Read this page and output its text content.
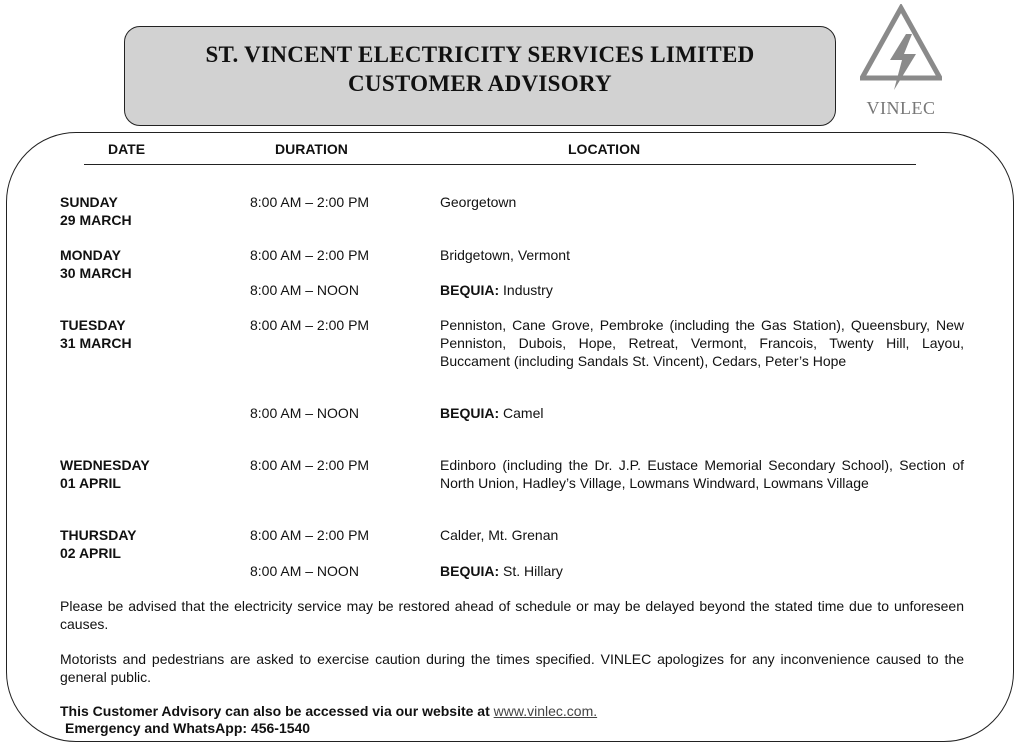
ST. VINCENT ELECTRICITY SERVICES LIMITED
CUSTOMER ADVISORY
VINLEC
DATE	DURATION	LOCATION
SUNDAY
29 MARCH
8:00 AM – 2:00 PM	Georgetown
MONDAY
30 MARCH
8:00 AM – 2:00 PM	Bridgetown, Vermont
8:00 AM – NOON	BEQUIA: Industry
TUESDAY
31 MARCH
8:00 AM – 2:00 PM	Penniston, Cane Grove, Pembroke (including the Gas Station), Queensbury, New Penniston, Dubois, Hope, Retreat, Vermont, Francois, Twenty Hill, Layou, Buccament (including Sandals St. Vincent), Cedars, Peter’s Hope
8:00 AM – NOON	BEQUIA: Camel
WEDNESDAY
01 APRIL
8:00 AM – 2:00 PM	Edinboro (including the Dr. J.P. Eustace Memorial Secondary School), Section of North Union, Hadley’s Village, Lowmans Windward, Lowmans Village
THURSDAY
02 APRIL
8:00 AM – 2:00 PM	Calder, Mt. Grenan
8:00 AM – NOON	BEQUIA: St. Hillary
Please be advised that the electricity service may be restored ahead of schedule or may be delayed beyond the stated time due to unforeseen causes.
Motorists and pedestrians are asked to exercise caution during the times specified. VINLEC apologizes for any inconvenience caused to the general public.
This Customer Advisory can also be accessed via our website at www.vinlec.com.
Emergency and WhatsApp: 456-1540
